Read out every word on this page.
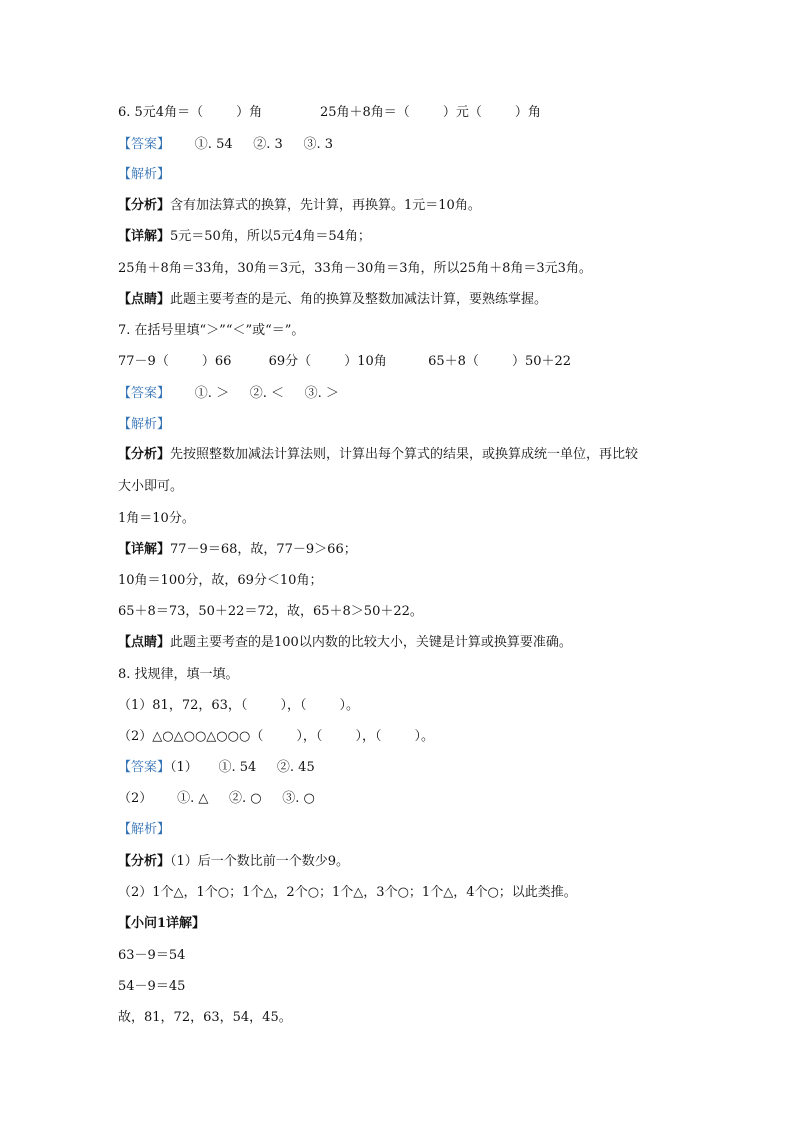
6. 5元4角＝（        ）角              25角＋8角＝（        ）元（        ）角
【答案】      ①. 54     ②. 3     ③. 3
【解析】
【分析】含有加法算式的换算，先计算，再换算。1元＝10角。
【详解】5元＝50角，所以5元4角＝54角；
25角＋8角＝33角，30角＝3元，33角－30角＝3角，所以25角＋8角＝3元3角。
【点睛】此题主要考查的是元、角的换算及整数加减法计算，要熟练掌握。
7. 在括号里填“＞”“＜”或“＝”。
77－9（        ）66         69分（        ）10角          65＋8（        ）50＋22
【答案】      ①. ＞     ②. ＜     ③. ＞
【解析】
【分析】先按照整数加减法计算法则，计算出每个算式的结果，或换算成统一单位，再比较
大小即可。
1角＝10分。
【详解】77－9＝68，故，77－9＞66；
10角＝100分，故，69分＜10角；
65＋8＝73，50＋22＝72，故，65＋8＞50＋22。
【点睛】此题主要考查的是100以内数的比较大小，关键是计算或换算要准确。
8. 找规律，填一填。
（1）81，72，63，（        ），（        ）。
（2）△○△○○△○○○（        ），（        ），（        ）。
【答案】（1）     ①. 54     ②. 45
（2）      ①. △     ②. ○     ③. ○
【解析】
【分析】（1）后一个数比前一个数少9。
（2）1个△，1个○；1个△，2个○；1个△，3个○；1个△，4个○；以此类推。
【小问1详解】
63－9＝54
54－9＝45
故，81，72，63，54，45。
